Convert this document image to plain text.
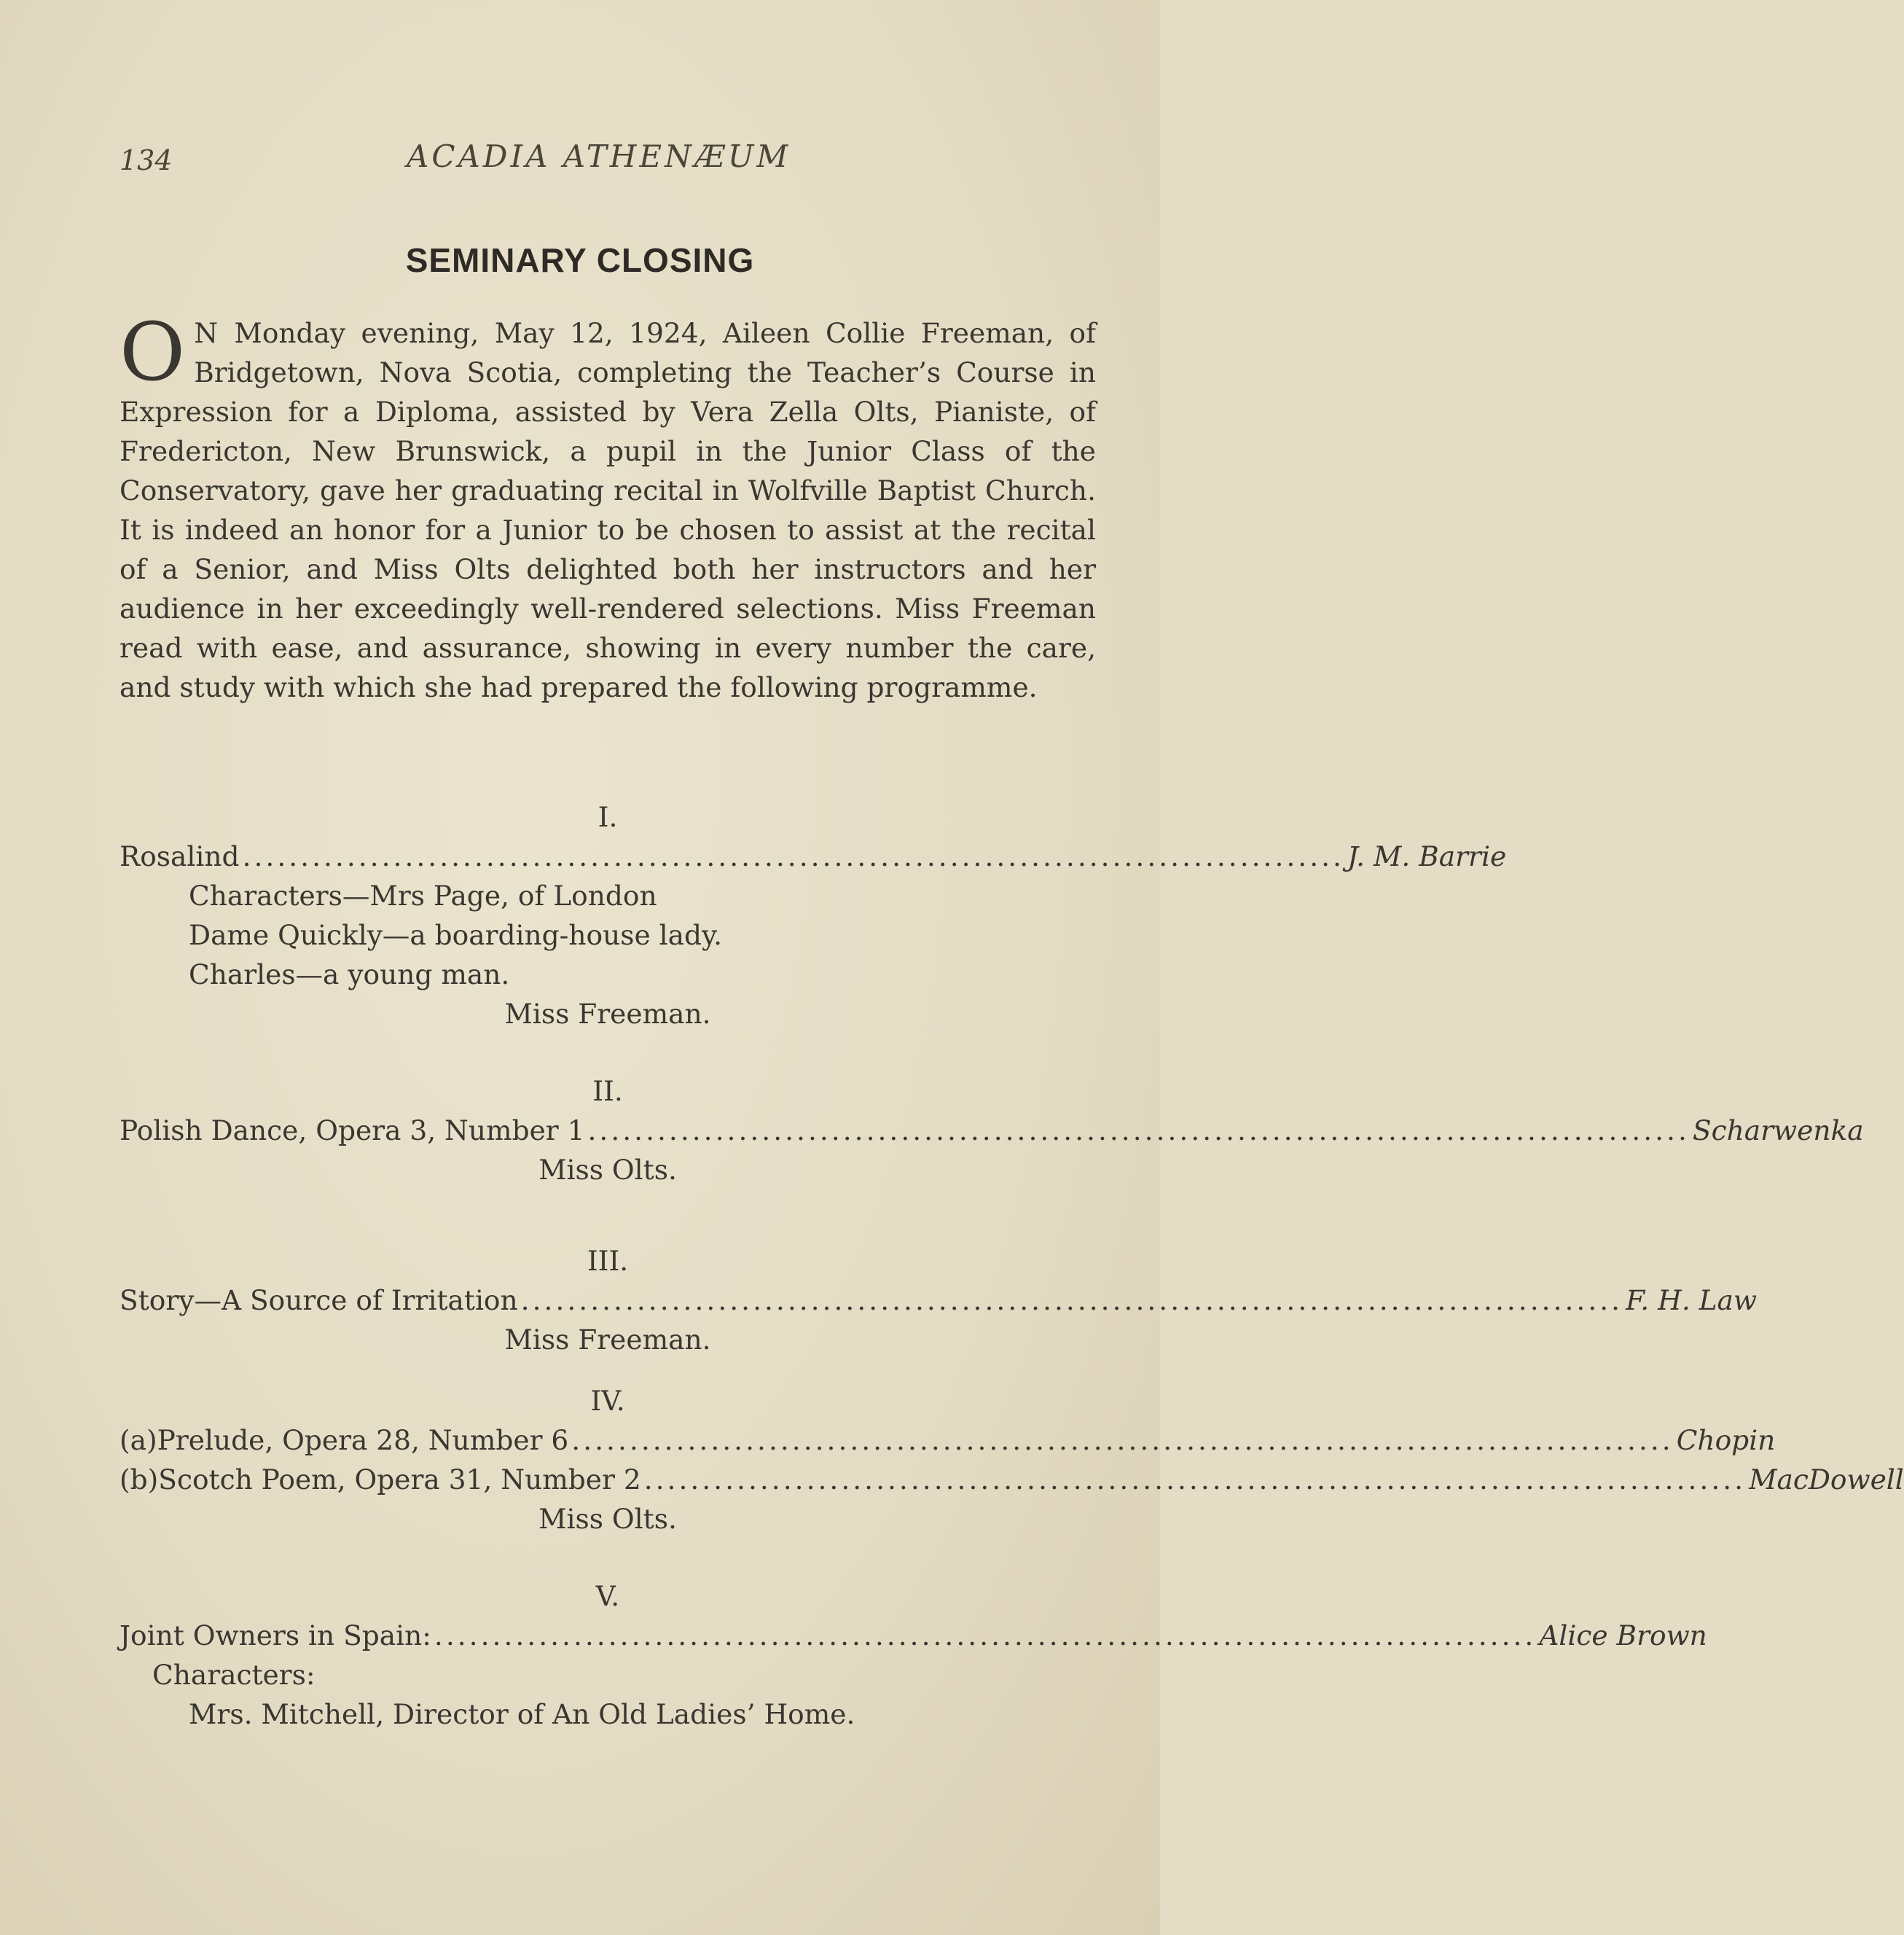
134	ACADIA ATHENÆUM
SEMINARY CLOSING
O N Monday evening, May 12, 1924, Aileen Collie Freeman, of Bridgetown, Nova Scotia, completing the Teacher’s Course in Expression for a Diploma, assisted by Vera Zella Olts, Pianiste, of Fredericton, New Brunswick, a pupil in the Junior Class of the Conservatory, gave her graduating recital in Wolfville Baptist Church. It is indeed an honor for a Junior to be chosen to assist at the recital of a Senior, and Miss Olts delighted both her instructors and her audience in her exceedingly well-rendered selections. Miss Freeman read with ease, and assurance, showing in every number the care, and study with which she had prepared the following programme.
I.
Rosalind ............................................................................................... J. M. Barrie
Characters—Mrs Page, of London
Dame Quickly—a boarding-house lady.
Charles—a young man.
Miss Freeman.
II.
Polish Dance, Opera 3, Number 1 ............................................................................................... Scharwenka
Miss Olts.
III.
Story—A Source of Irritation ............................................................................................... F. H. Law
Miss Freeman.
IV.
(a) Prelude, Opera 28, Number 6 ............................................................................................... Chopin
(b) Scotch Poem, Opera 31, Number 2 ............................................................................................... MacDowell
Miss Olts.
V.
Joint Owners in Spain: ............................................................................................... Alice Brown
Characters:
Mrs. Mitchell, Director of An Old Ladies’ Home.
